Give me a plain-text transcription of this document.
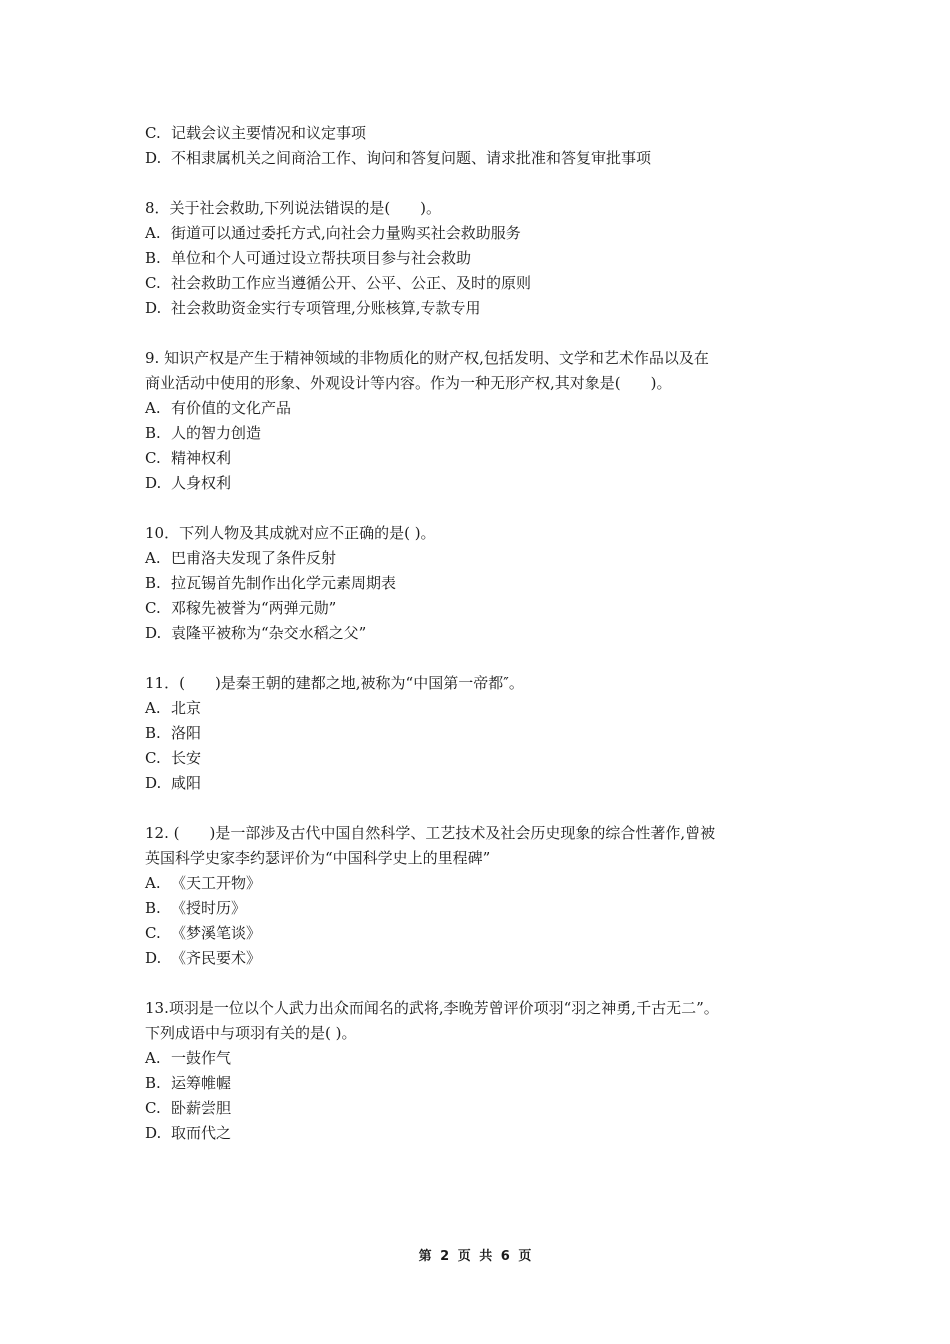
C. 记载会议主要情况和议定事项
D. 不相隶属机关之间商洽工作、询问和答复问题、请求批准和答复审批事项
8．关于社会救助,下列说法错误的是(　　)。
A. 街道可以通过委托方式,向社会力量购买社会救助服务
B. 单位和个人可通过设立帮扶项目参与社会救助
C. 社会救助工作应当遵循公开、公平、公正、及时的原则
D. 社会救助资金实行专项管理,分账核算,专款专用
9. 知识产权是产生于精神领域的非物质化的财产权,包括发明、文学和艺术作品以及在
商业活动中使用的形象、外观设计等内容。作为一种无形产权,其对象是(　　)。
A. 有价值的文化产品
B. 人的智力创造
C. 精神权利
D. 人身权利
10．下列人物及其成就对应不正确的是( )。
A. 巴甫洛夫发现了条件反射
B. 拉瓦锡首先制作出化学元素周期表
C. 邓稼先被誉为“两弹元勋”
D. 袁隆平被称为“杂交水稻之父”
11．(　　)是秦王朝的建都之地,被称为“中国第一帝都″。
A. 北京
B. 洛阳
C. 长安
D. 咸阳
12. (　　)是一部涉及古代中国自然科学、工艺技术及社会历史现象的综合性著作,曾被
英国科学史家李约瑟评价为“中国科学史上的里程碑”
A. 《天工开物》
B. 《授时历》
C. 《梦溪笔谈》
D. 《齐民要术》
13.项羽是一位以个人武力出众而闻名的武将,李晚芳曾评价项羽“羽之神勇,千古无二”。
下列成语中与项羽有关的是( )。
A. 一鼓作气
B. 运筹帷幄
C. 卧薪尝胆
D. 取而代之
第 2 页 共 6 页
